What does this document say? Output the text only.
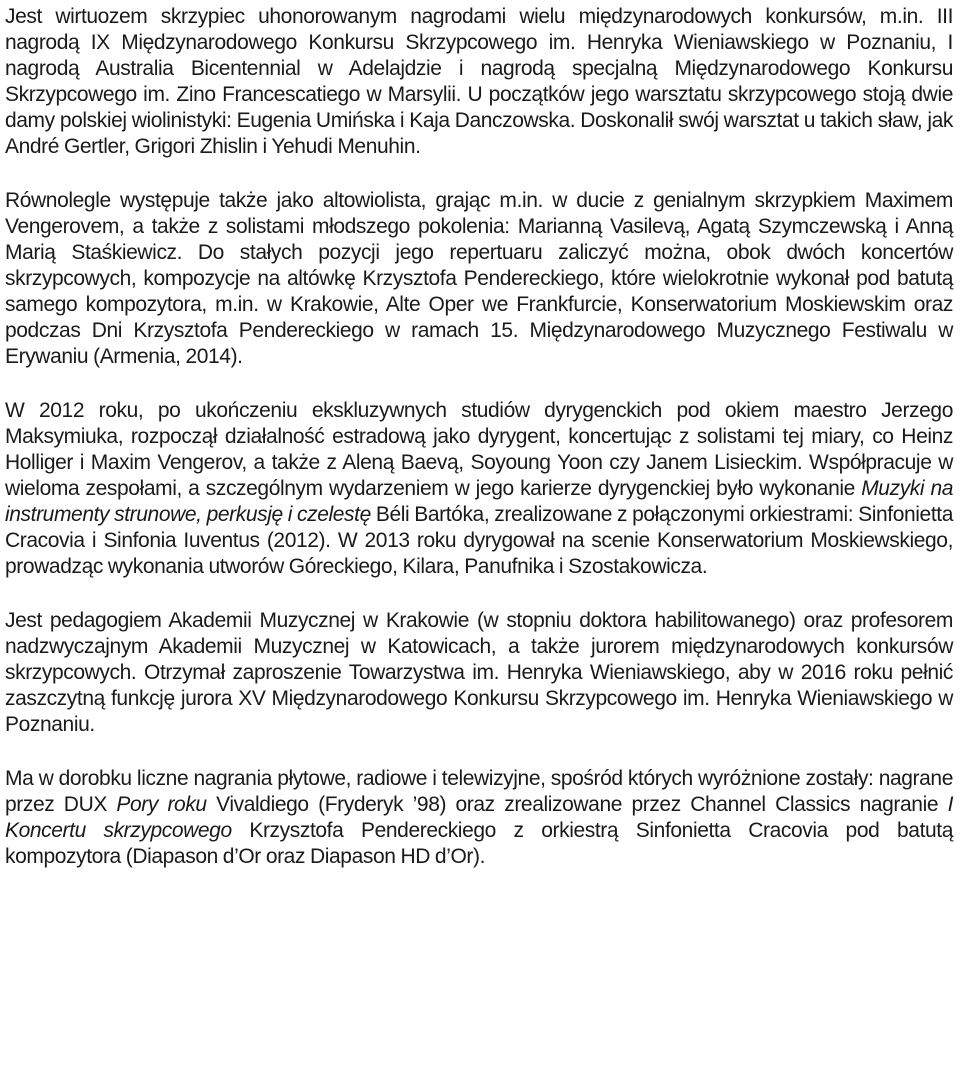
Jest wirtuozem skrzypiec uhonorowanym nagrodami wielu międzynarodowych konkursów, m.in. III nagrodą IX Międzynarodowego Konkursu Skrzypcowego im. Henryka Wieniawskiego w Poznaniu, I nagrodą Australia Bicentennial w Adelajdzie i nagrodą specjalną Międzynarodowego Konkursu Skrzypcowego im. Zino Francescatiego w Marsylii. U początków jego warsztatu skrzypcowego stoją dwie damy polskiej wiolinistyki: Eugenia Umińska i Kaja Danczowska. Doskonalił swój warsztat u takich sław, jak André Gertler, Grigori Zhislin i Yehudi Menuhin.

Równolegle występuje także jako altowiolista, grając m.in. w ducie z genialnym skrzypkiem Maximem Vengerovem, a także z solistami młodszego pokolenia: Marianną Vasilevą, Agatą Szymczewską i Anną Marią Staśkiewicz. Do stałych pozycji jego repertuaru zaliczyć można, obok dwóch koncertów skrzypcowych, kompozycje na altówkę Krzysztofa Pendereckiego, które wielokrotnie wykonał pod batutą samego kompozytora, m.in. w Krakowie, Alte Oper we Frankfurcie, Konserwatorium Moskiewskim oraz podczas Dni Krzysztofa Pendereckiego w ramach 15. Międzynarodowego Muzycznego Festiwalu w Erywaniu (Armenia, 2014).

W 2012 roku, po ukończeniu ekskluzywnych studiów dyrygenckich pod okiem maestro Jerzego Maksymiuka, rozpoczął działalność estradową jako dyrygent, koncertując z solistami tej miary, co Heinz Holliger i Maxim Vengerov, a także z Aleną Baevą, Soyoung Yoon czy Janem Lisieckim. Współpracuje w wieloma zespołami, a szczególnym wydarzeniem w jego karierze dyrygenckiej było wykonanie Muzyki na instrumenty strunowe, perkusję i czelestę Béli Bartóka, zrealizowane z połączonymi orkiestrami: Sinfonietta Cracovia i Sinfonia Iuventus (2012). W 2013 roku dyrygował na scenie Konserwatorium Moskiewskiego, prowadząc wykonania utworów Góreckiego, Kilara, Panufnika i Szostakowicza.

Jest pedagogiem Akademii Muzycznej w Krakowie (w stopniu doktora habilitowanego) oraz profesorem nadzwyczajnym Akademii Muzycznej w Katowicach, a także jurorem międzynarodowych konkursów skrzypcowych. Otrzymał zaproszenie Towarzystwa im. Henryka Wieniawskiego, aby w 2016 roku pełnić zaszczytną funkcję jurora XV Międzynarodowego Konkursu Skrzypcowego im. Henryka Wieniawskiego w Poznaniu.

Ma w dorobku liczne nagrania płytowe, radiowe i telewizyjne, spośród których wyróżnione zostały: nagrane przez DUX Pory roku Vivaldiego (Fryderyk ’98) oraz zrealizowane przez Channel Classics nagranie I Koncertu skrzypcowego Krzysztofa Pendereckiego z orkiestrą Sinfonietta Cracovia pod batutą kompozytora (Diapason d’Or oraz Diapason HD d’Or).
